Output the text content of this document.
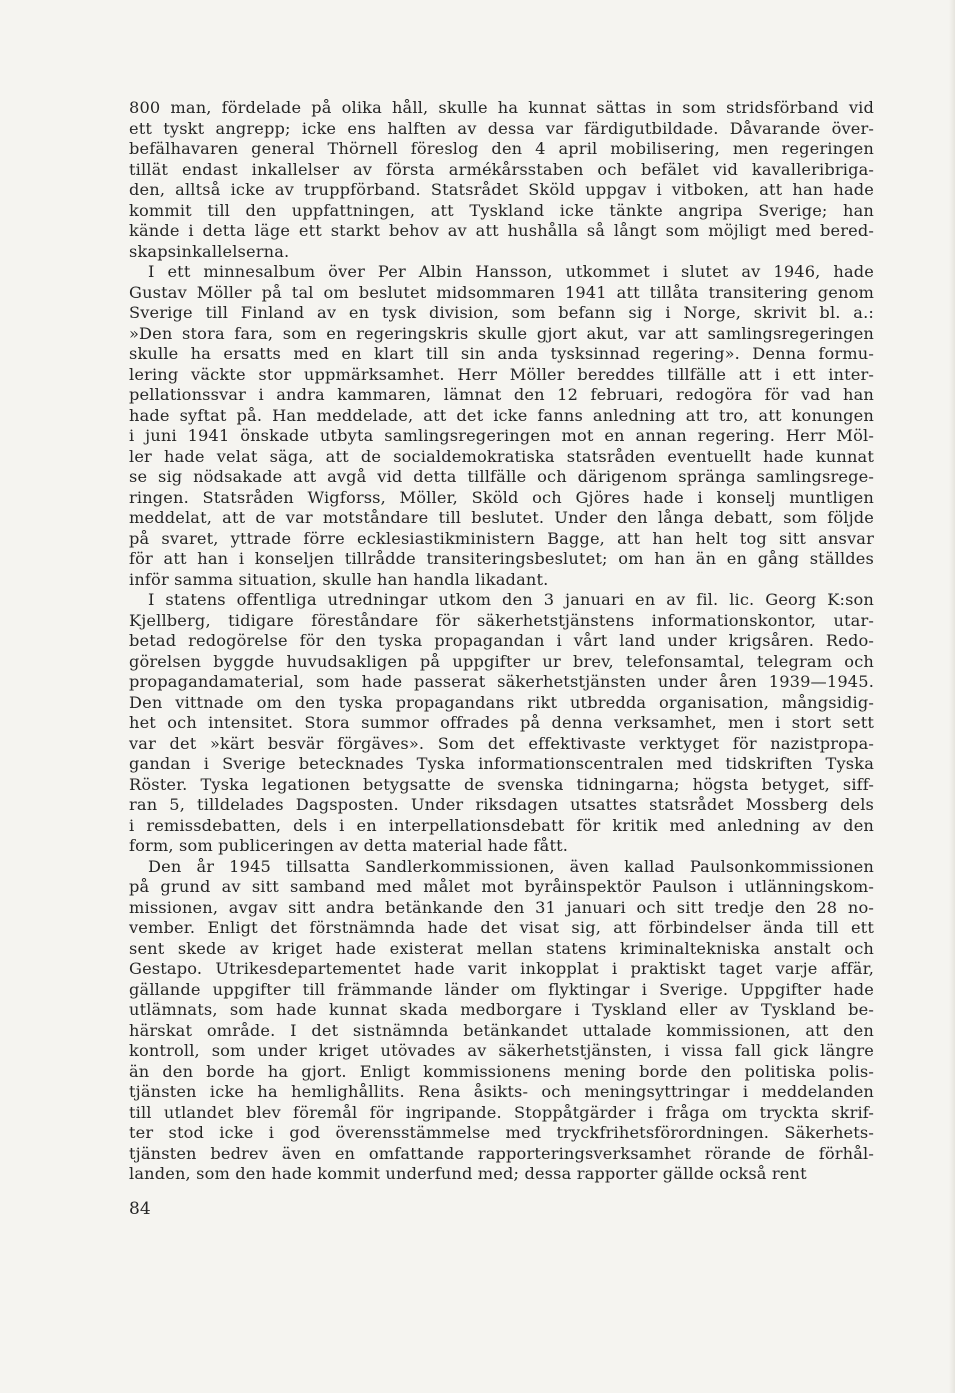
800 man, fördelade på olika håll, skulle ha kunnat sättas in som stridsförband vid
ett tyskt angrepp; icke ens halften av dessa var färdigutbildade. Dåvarande över-
befälhavaren general Thörnell föreslog den 4 april mobilisering, men regeringen
tillät endast inkallelser av första armékårsstaben och befälet vid kavalleribriga-
den, alltså icke av truppförband. Statsrådet Sköld uppgav i vitboken, att han hade
kommit till den uppfattningen, att Tyskland icke tänkte angripa Sverige; han
kände i detta läge ett starkt behov av att hushålla så långt som möjligt med bered-
skapsinkallelserna.

I ett minnesalbum över Per Albin Hansson, utkommet i slutet av 1946, hade
Gustav Möller på tal om beslutet midsommaren 1941 att tillåta transitering genom
Sverige till Finland av en tysk division, som befann sig i Norge, skrivit bl. a.:
»Den stora fara, som en regeringskris skulle gjort akut, var att samlingsregeringen
skulle ha ersatts med en klart till sin anda tysksinnad regering». Denna formu-
lering väckte stor uppmärksamhet. Herr Möller bereddes tillfälle att i ett inter-
pellationssvar i andra kammaren, lämnat den 12 februari, redogöra för vad han
hade syftat på. Han meddelade, att det icke fanns anledning att tro, att konungen
i juni 1941 önskade utbyta samlingsregeringen mot en annan regering. Herr Möl-
ler hade velat säga, att de socialdemokratiska statsråden eventuellt hade kunnat
se sig nödsakade att avgå vid detta tillfälle och därigenom spränga samlingsrege-
ringen. Statsråden Wigforss, Möller, Sköld och Gjöres hade i konselj muntligen
meddelat, att de var motståndare till beslutet. Under den långa debatt, som följde
på svaret, yttrade förre ecklesiastikministern Bagge, att han helt tog sitt ansvar
för att han i konseljen tillrådde transiteringsbeslutet; om han än en gång ställdes
inför samma situation, skulle han handla likadant.

I statens offentliga utredningar utkom den 3 januari en av fil. lic. Georg K:son
Kjellberg, tidigare föreståndare för säkerhetstjänstens informationskontor, utar-
betad redogörelse för den tyska propagandan i vårt land under krigsåren. Redo-
görelsen byggde huvudsakligen på uppgifter ur brev, telefonsamtal, telegram och
propagandamaterial, som hade passerat säkerhetstjänsten under åren 1939—1945.
Den vittnade om den tyska propagandans rikt utbredda organisation, mångsidig-
het och intensitet. Stora summor offrades på denna verksamhet, men i stort sett
var det »kärt besvär förgäves». Som det effektivaste verktyget för nazistpropa-
gandan i Sverige betecknades Tyska informationscentralen med tidskriften Tyska
Röster. Tyska legationen betygsatte de svenska tidningarna; högsta betyget, siff-
ran 5, tilldelades Dagsposten. Under riksdagen utsattes statsrådet Mossberg dels
i remissdebatten, dels i en interpellationsdebatt för kritik med anledning av den
form, som publiceringen av detta material hade fått.

Den år 1945 tillsatta Sandlerkommissionen, även kallad Paulsonkommissionen
på grund av sitt samband med målet mot byråinspektör Paulson i utlänningskom-
missionen, avgav sitt andra betänkande den 31 januari och sitt tredje den 28 no-
vember. Enligt det förstnämnda hade det visat sig, att förbindelser ända till ett
sent skede av kriget hade existerat mellan statens kriminaltekniska anstalt och
Gestapo. Utrikesdepartementet hade varit inkopplat i praktiskt taget varje affär,
gällande uppgifter till främmande länder om flyktingar i Sverige. Uppgifter hade
utlämnats, som hade kunnat skada medborgare i Tyskland eller av Tyskland be-
härskat område. I det sistnämnda betänkandet uttalade kommissionen, att den
kontroll, som under kriget utövades av säkerhetstjänsten, i vissa fall gick längre
än den borde ha gjort. Enligt kommissionens mening borde den politiska polis-
tjänsten icke ha hemlighållits. Rena åsikts- och meningsyttringar i meddelanden
till utlandet blev föremål för ingripande. Stoppåtgärder i fråga om tryckta skrif-
ter stod icke i god överensstämmelse med tryckfrihetsförordningen. Säkerhets-
tjänsten bedrev även en omfattande rapporteringsverksamhet rörande de förhål-
landen, som den hade kommit underfund med; dessa rapporter gällde också rent

84
